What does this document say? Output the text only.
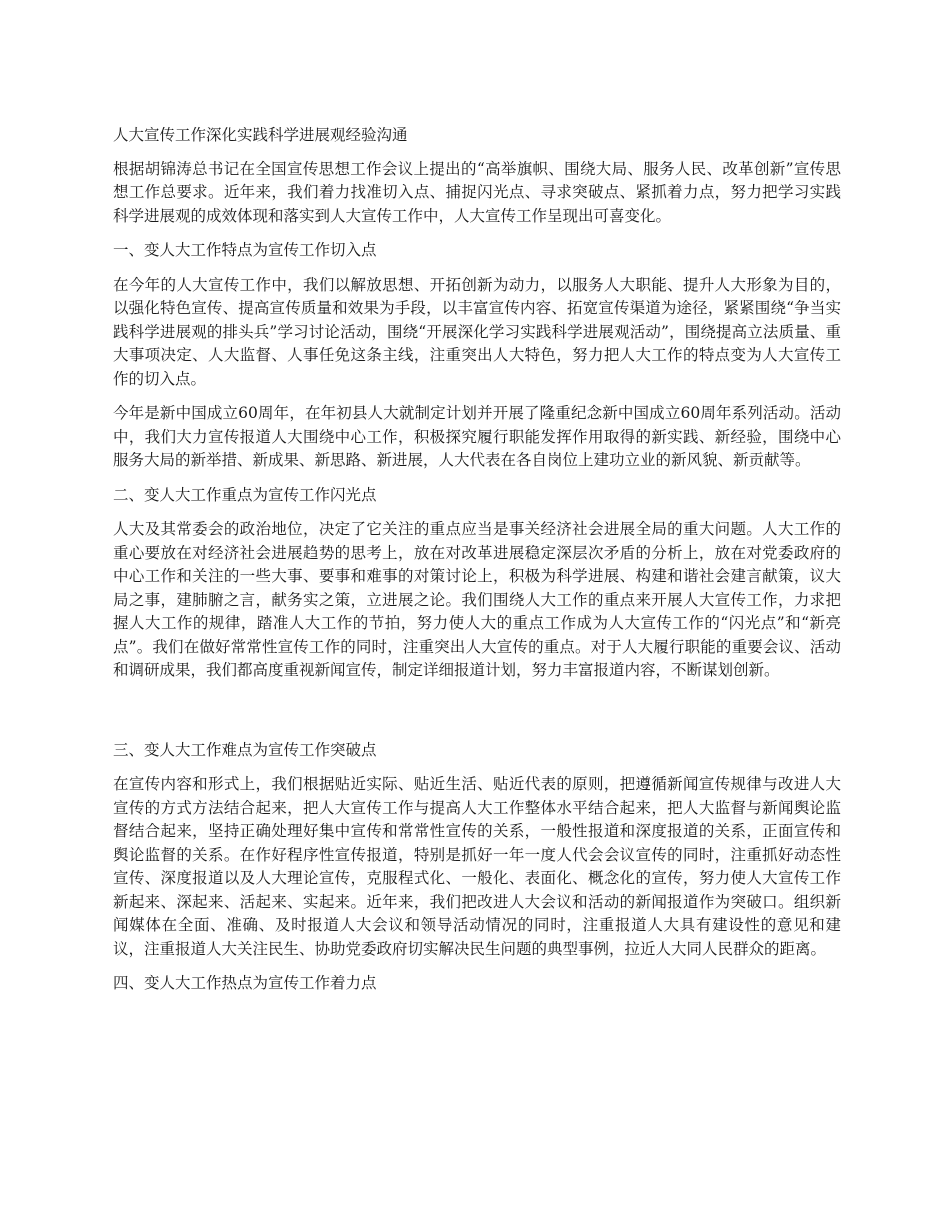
人大宣传工作深化实践科学进展观经验沟通

根据胡锦涛总书记在全国宣传思想工作会议上提出的“高举旗帜、围绕大局、服务人民、改革创新”宣传思想工作总要求。近年来，我们着力找准切入点、捕捉闪光点、寻求突破点、紧抓着力点，努力把学习实践科学进展观的成效体现和落实到人大宣传工作中，人大宣传工作呈现出可喜变化。

一、变人大工作特点为宣传工作切入点

在今年的人大宣传工作中，我们以解放思想、开拓创新为动力，以服务人大职能、提升人大形象为目的，以强化特色宣传、提高宣传质量和效果为手段，以丰富宣传内容、拓宽宣传渠道为途径，紧紧围绕“争当实践科学进展观的排头兵”学习讨论活动，围绕“开展深化学习实践科学进展观活动”，围绕提高立法质量、重大事项决定、人大监督、人事任免这条主线，注重突出人大特色，努力把人大工作的特点变为人大宣传工作的切入点。

今年是新中国成立60周年，在年初县人大就制定计划并开展了隆重纪念新中国成立60周年系列活动。活动中，我们大力宣传报道人大围绕中心工作，积极探究履行职能发挥作用取得的新实践、新经验，围绕中心服务大局的新举措、新成果、新思路、新进展，人大代表在各自岗位上建功立业的新风貌、新贡献等。

二、变人大工作重点为宣传工作闪光点

人大及其常委会的政治地位，决定了它关注的重点应当是事关经济社会进展全局的重大问题。人大工作的重心要放在对经济社会进展趋势的思考上，放在对改革进展稳定深层次矛盾的分析上，放在对党委政府的中心工作和关注的一些大事、要事和难事的对策讨论上，积极为科学进展、构建和谐社会建言献策，议大局之事，建肺腑之言，献务实之策，立进展之论。我们围绕人大工作的重点来开展人大宣传工作，力求把握人大工作的规律，踏准人大工作的节拍，努力使人大的重点工作成为人大宣传工作的“闪光点”和“新亮点”。我们在做好常常性宣传工作的同时，注重突出人大宣传的重点。对于人大履行职能的重要会议、活动和调研成果，我们都高度重视新闻宣传，制定详细报道计划，努力丰富报道内容，不断谋划创新。

三、变人大工作难点为宣传工作突破点

在宣传内容和形式上，我们根据贴近实际、贴近生活、贴近代表的原则，把遵循新闻宣传规律与改进人大宣传的方式方法结合起来，把人大宣传工作与提高人大工作整体水平结合起来，把人大监督与新闻舆论监督结合起来，坚持正确处理好集中宣传和常常性宣传的关系，一般性报道和深度报道的关系，正面宣传和舆论监督的关系。在作好程序性宣传报道，特别是抓好一年一度人代会会议宣传的同时，注重抓好动态性宣传、深度报道以及人大理论宣传，克服程式化、一般化、表面化、概念化的宣传，努力使人大宣传工作新起来、深起来、活起来、实起来。近年来，我们把改进人大会议和活动的新闻报道作为突破口。组织新闻媒体在全面、准确、及时报道人大会议和领导活动情况的同时，注重报道人大具有建设性的意见和建议，注重报道人大关注民生、协助党委政府切实解决民生问题的典型事例，拉近人大同人民群众的距离。

四、变人大工作热点为宣传工作着力点
